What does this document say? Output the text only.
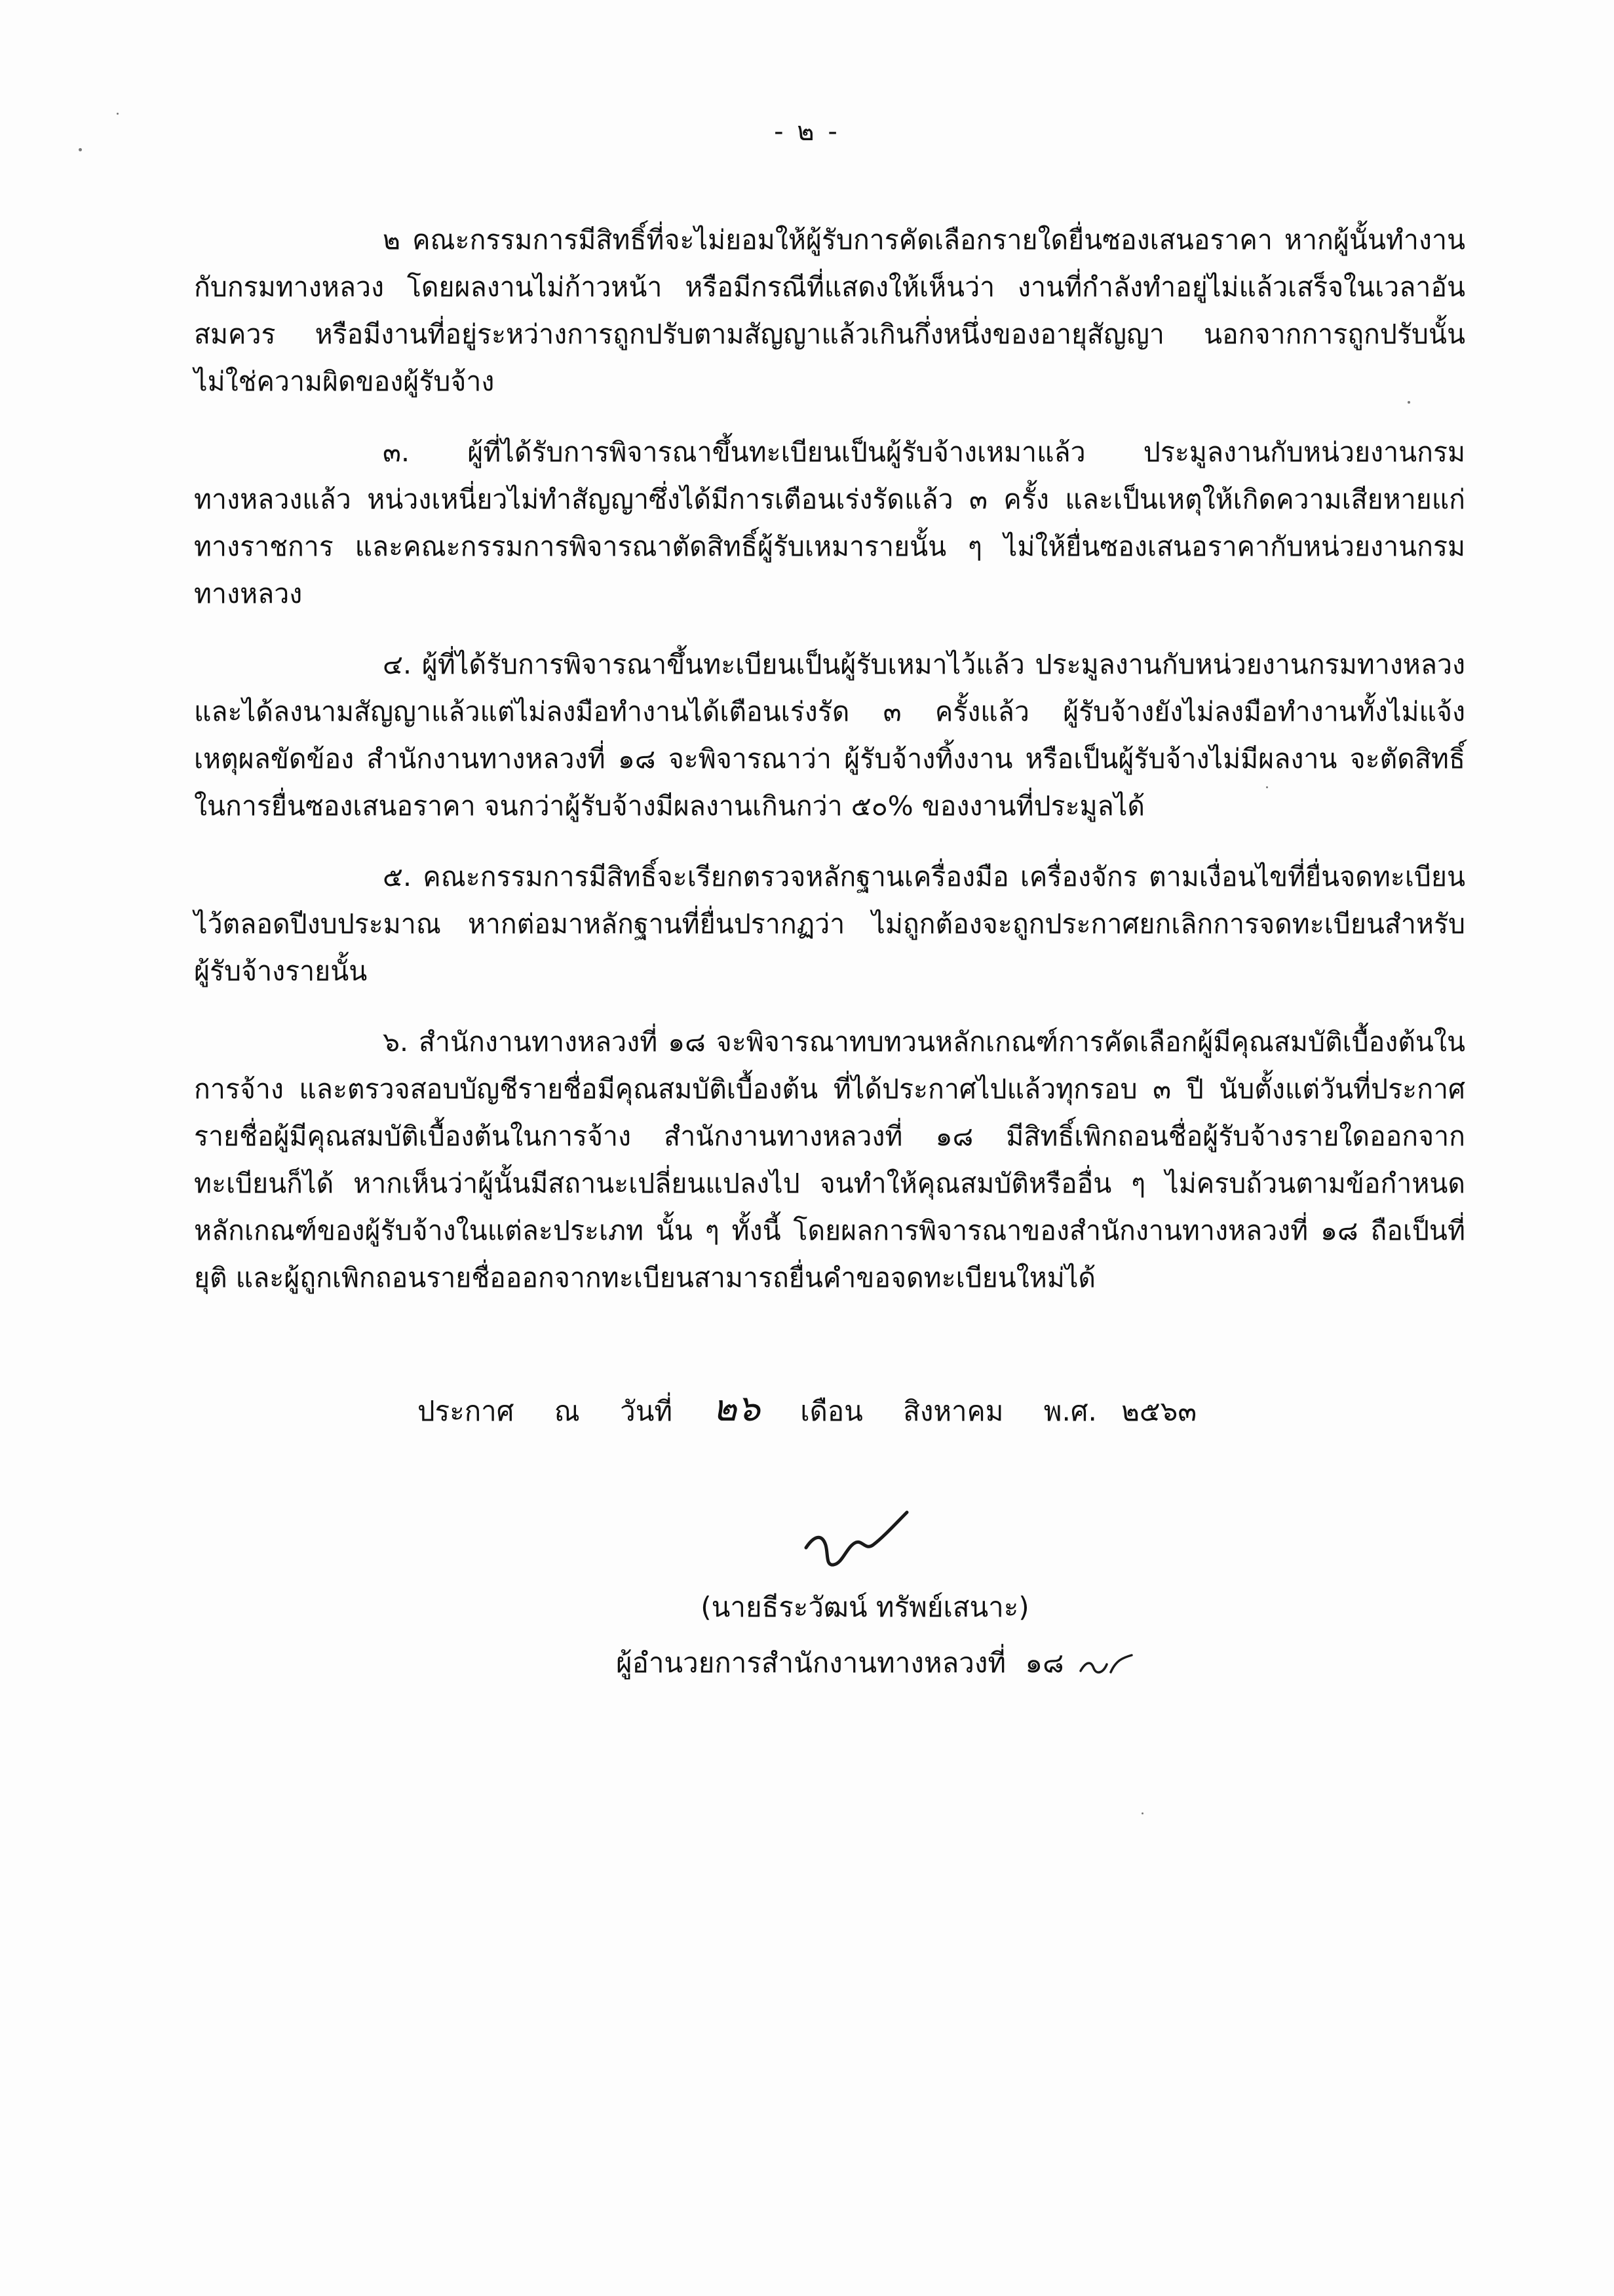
- ๒ -

๒ คณะกรรมการมีสิทธิ์ที่จะไม่ยอมให้ผู้รับการคัดเลือกรายใดยื่นซองเสนอราคา หากผู้นั้นทำงานกับกรมทางหลวง โดยผลงานไม่ก้าวหน้า หรือมีกรณีที่แสดงให้เห็นว่า งานที่กำลังทำอยู่ไม่แล้วเสร็จในเวลาอันสมควร หรือมีงานที่อยู่ระหว่างการถูกปรับตามสัญญาแล้วเกินกึ่งหนึ่งของอายุสัญญา นอกจากการถูกปรับนั้นไม่ใช่ความผิดของผู้รับจ้าง

๓. ผู้ที่ได้รับการพิจารณาขึ้นทะเบียนเป็นผู้รับจ้างเหมาแล้ว ประมูลงานกับหน่วยงานกรมทางหลวงแล้ว หน่วงเหนี่ยวไม่ทำสัญญาซึ่งได้มีการเตือนเร่งรัดแล้ว ๓ ครั้ง และเป็นเหตุให้เกิดความเสียหายแก่ทางราชการ และคณะกรรมการพิจารณาตัดสิทธิ์ผู้รับเหมารายนั้น ๆ ไม่ให้ยื่นซองเสนอราคากับหน่วยงานกรมทางหลวง

๔. ผู้ที่ได้รับการพิจารณาขึ้นทะเบียนเป็นผู้รับเหมาไว้แล้ว ประมูลงานกับหน่วยงานกรมทางหลวง และได้ลงนามสัญญาแล้วแต่ไม่ลงมือทำงานได้เตือนเร่งรัด ๓ ครั้งแล้ว ผู้รับจ้างยังไม่ลงมือทำงานทั้งไม่แจ้งเหตุผลขัดข้อง สำนักงานทางหลวงที่ ๑๘ จะพิจารณาว่า ผู้รับจ้างทิ้งงาน หรือเป็นผู้รับจ้างไม่มีผลงาน จะตัดสิทธิ์ในการยื่นซองเสนอราคา จนกว่าผู้รับจ้างมีผลงานเกินกว่า ๕๐% ของงานที่ประมูลได้

๕. คณะกรรมการมีสิทธิ์จะเรียกตรวจหลักฐานเครื่องมือ เครื่องจักร ตามเงื่อนไขที่ยื่นจดทะเบียนไว้ตลอดปีงบประมาณ หากต่อมาหลักฐานที่ยื่นปรากฏว่า ไม่ถูกต้องจะถูกประกาศยกเลิกการจดทะเบียนสำหรับผู้รับจ้างรายนั้น

๖. สำนักงานทางหลวงที่ ๑๘ จะพิจารณาทบทวนหลักเกณฑ์การคัดเลือกผู้มีคุณสมบัติเบื้องต้นในการจ้าง และตรวจสอบบัญชีรายชื่อมีคุณสมบัติเบื้องต้น ที่ได้ประกาศไปแล้วทุกรอบ ๓ ปี นับตั้งแต่วันที่ประกาศรายชื่อผู้มีคุณสมบัติเบื้องต้นในการจ้าง สำนักงานทางหลวงที่ ๑๘ มีสิทธิ์เพิกถอนชื่อผู้รับจ้างรายใดออกจากทะเบียนก็ได้ หากเห็นว่าผู้นั้นมีสถานะเปลี่ยนแปลงไป จนทำให้คุณสมบัติหรืออื่น ๆ ไม่ครบถ้วนตามข้อกำหนดหลักเกณฑ์ของผู้รับจ้างในแต่ละประเภท นั้น ๆ ทั้งนี้ โดยผลการพิจารณาของสำนักงานทางหลวงที่ ๑๘ ถือเป็นที่ยุติ และผู้ถูกเพิกถอนรายชื่อออกจากทะเบียนสามารถยื่นคำขอจดทะเบียนใหม่ได้

ประกาศ ณ วันที่ ๒๖ เดือน สิงหาคม พ.ศ. ๒๕๖๓
(นายธีระวัฒน์ ทรัพย์เสนาะ)
ผู้อำนวยการสำนักงานทางหลวงที่ ๑๘
